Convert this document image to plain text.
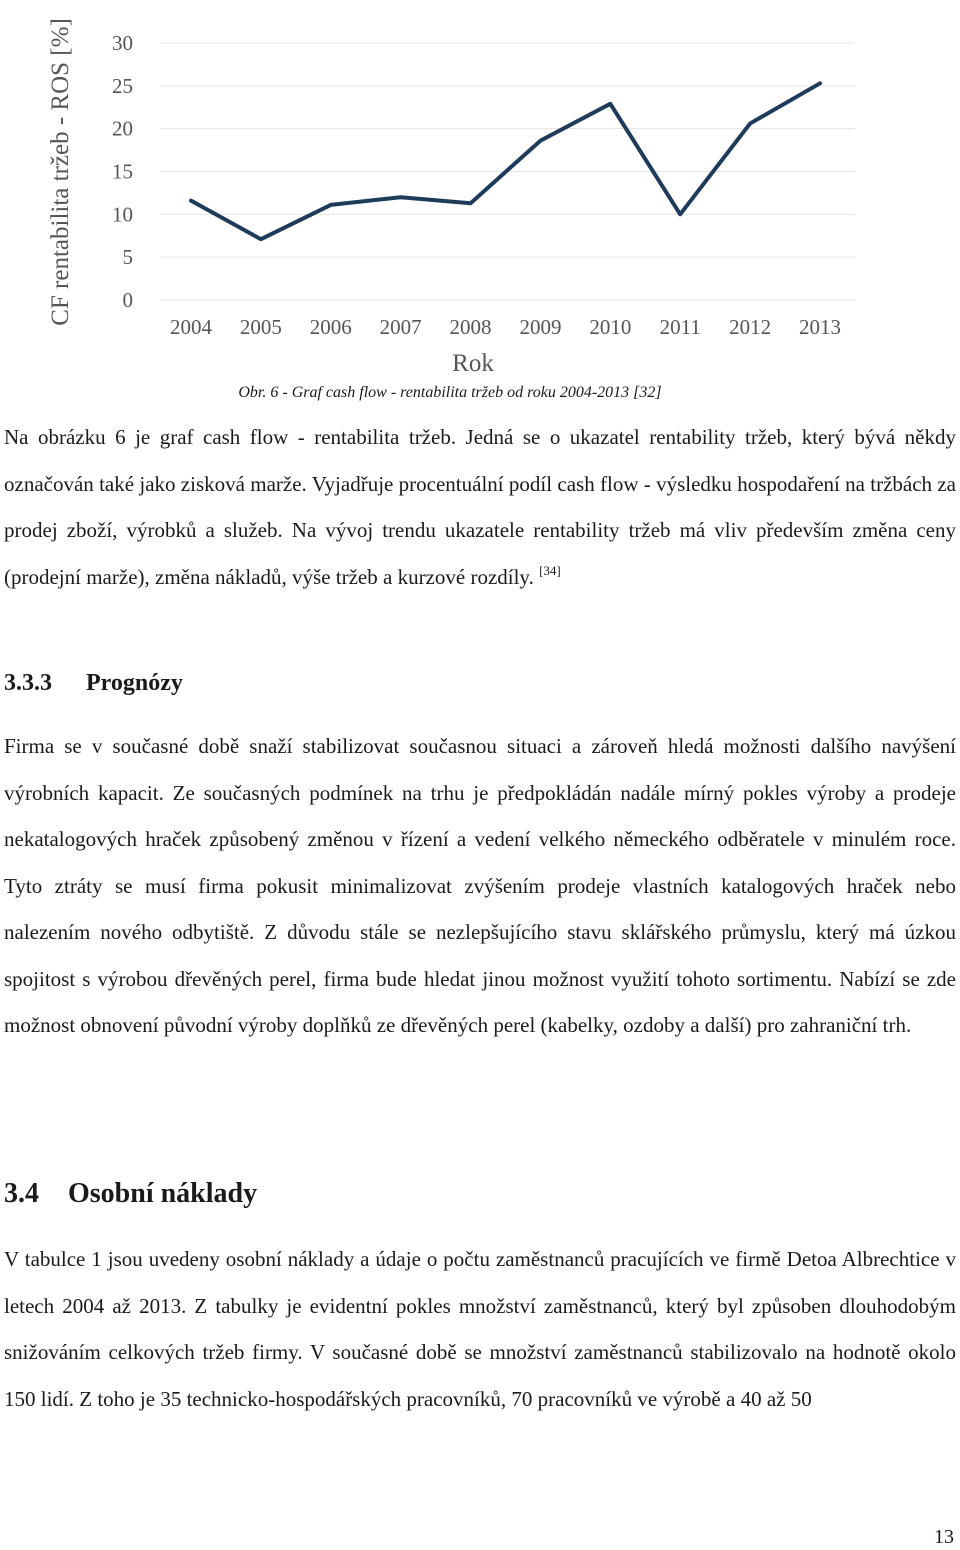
30
25
20
15
10
5
0
2004 2005 2006 2007 2008 2009 2010 2011 2012 2013
CF rentabilita tržeb - ROS [%]
Rok
Obr. 6 - Graf cash flow - rentabilita tržeb od roku 2004-2013 [32]

Na obrázku 6 je graf cash flow - rentabilita tržeb. Jedná se o ukazatel rentability tržeb, který bývá někdy označován také jako zisková marže. Vyjadřuje procentuální podíl cash flow - výsledku hospodaření na tržbách za prodej zboží, výrobků a služeb. Na vývoj trendu ukazatele rentability tržeb má vliv především změna ceny (prodejní marže), změna nákladů, výše tržeb a kurzové rozdíly. [34]

3.3.3 Prognózy

Firma se v současné době snaží stabilizovat současnou situaci a zároveň hledá možnosti dalšího navýšení výrobních kapacit. Ze současných podmínek na trhu je předpokládán nadále mírný pokles výroby a prodeje nekatalogových hraček způsobený změnou v řízení a vedení velkého německého odběratele v minulém roce. Tyto ztráty se musí firma pokusit minimalizovat zvýšením prodeje vlastních katalogových hraček nebo nalezením nového odbytiště. Z důvodu stále se nezlepšujícího stavu sklářského průmyslu, který má úzkou spojitost s výrobou dřevěných perel, firma bude hledat jinou možnost využití tohoto sortimentu. Nabízí se zde možnost obnovení původní výroby doplňků ze dřevěných perel (kabelky, ozdoby a další) pro zahraniční trh.

3.4 Osobní náklady

V tabulce 1 jsou uvedeny osobní náklady a údaje o počtu zaměstnanců pracujících ve firmě Detoa Albrechtice v letech 2004 až 2013. Z tabulky je evidentní pokles množství zaměstnanců, který byl způsoben dlouhodobým snižováním celkových tržeb firmy. V současné době se množství zaměstnanců stabilizovalo na hodnotě okolo 150 lidí. Z toho je 35 technicko-hospodářských pracovníků, 70 pracovníků ve výrobě a 40 až 50

13
